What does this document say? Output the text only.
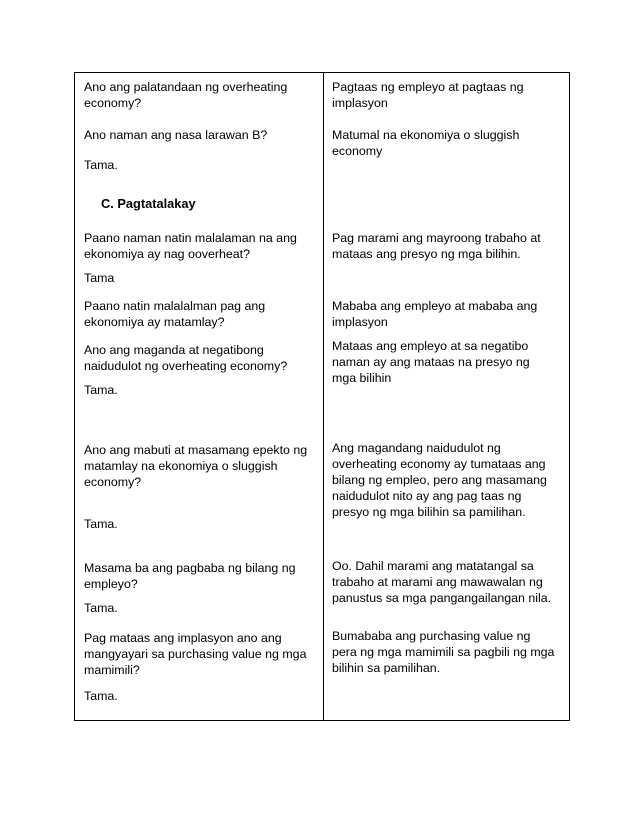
Ano ang palatandaan ng overheating
economy?

Ano naman ang nasa larawan B?

Tama.

C. Pagtatalakay

Paano naman natin malalaman na ang
ekonomiya ay nag ooverheat?

Tama

Paano natin malalalman pag ang
ekonomiya ay matamlay?

Ano ang maganda at negatibong
naidudulot ng overheating economy?

Tama.

Ano ang mabuti at masamang epekto ng
matamlay na ekonomiya o sluggish
economy?

Tama.

Masama ba ang pagbaba ng bilang ng
empleyo?

Tama.

Pag mataas ang implasyon ano ang
mangyayari sa purchasing value ng mga
mamimili?

Tama.

Pagtaas ng empleyo at pagtaas ng
implasyon

Matumal na ekonomiya o sluggish
economy

Pag marami ang mayroong trabaho at
mataas ang presyo ng mga bilihin.

Mababa ang empleyo at mababa ang
implasyon

Mataas ang empleyo at sa negatibo
naman ay ang mataas na presyo ng
mga bilihin

Ang magandang naidudulot ng
overheating economy ay tumataas ang
bilang ng empleo, pero ang masamang
naidudulot nito ay ang pag taas ng
presyo ng mga bilihin sa pamilihan.

Oo. Dahil marami ang matatangal sa
trabaho at marami ang mawawalan ng
panustus sa mga pangangailangan nila.

Bumababa ang purchasing value ng
pera ng mga mamimili sa pagbili ng mga
bilihin sa pamilihan.
